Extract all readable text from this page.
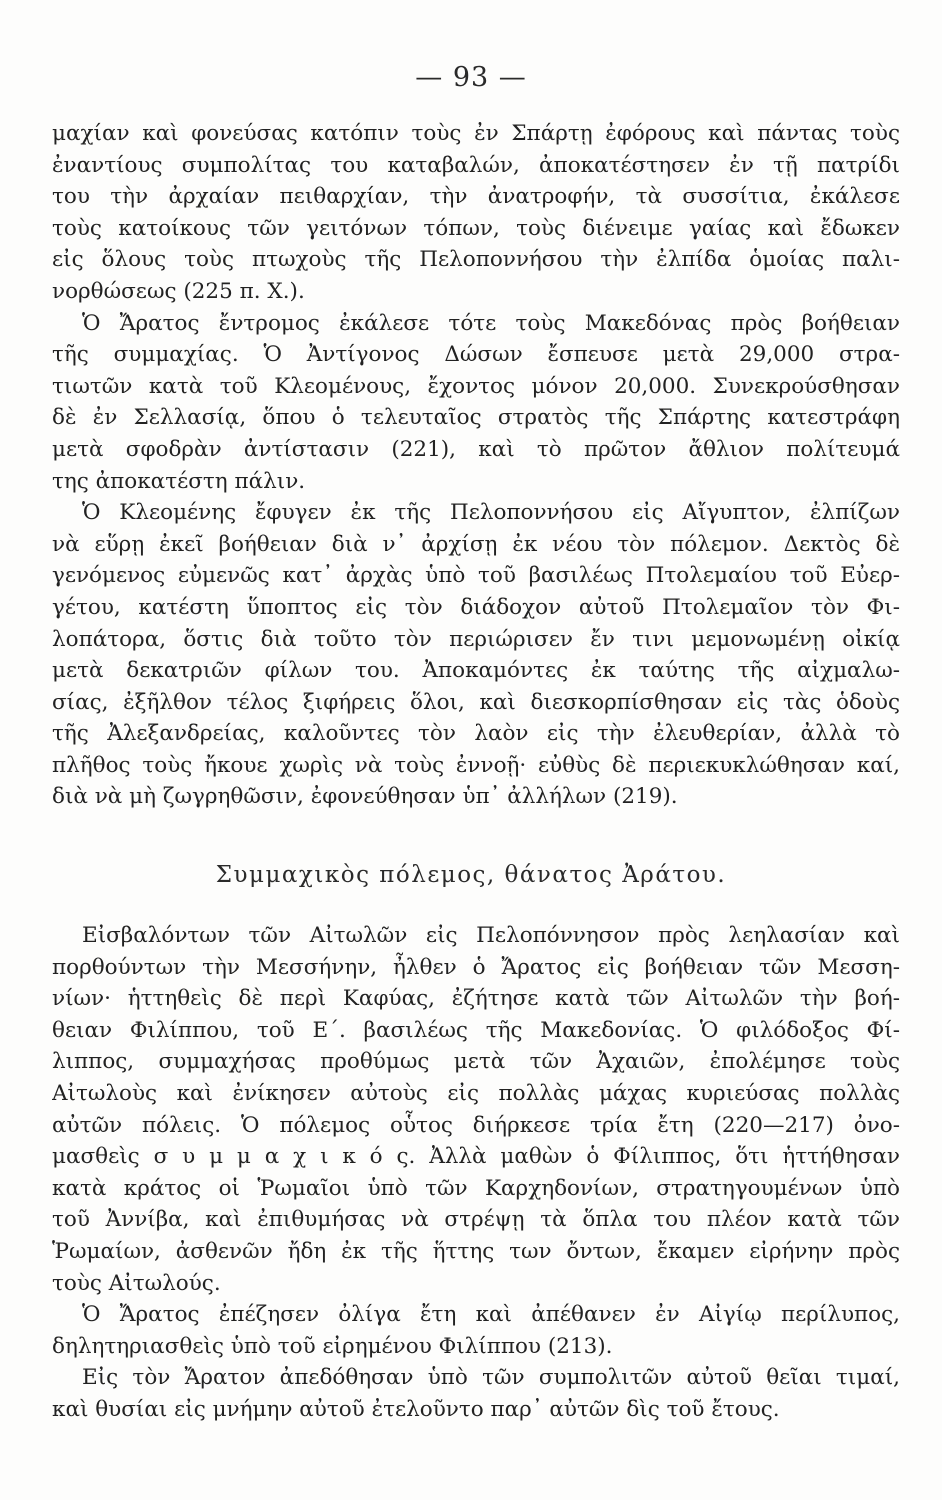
— 93 —
μαχίαν καὶ φονεύσας κατόπιν τοὺς ἐν Σπάρτῃ ἐφόρους καὶ πάντας τοὺς
ἐναντίους συμπολίτας του καταβαλών, ἀποκατέστησεν ἐν τῇ πατρίδι
του τὴν ἀρχαίαν πειθαρχίαν, τὴν ἀνατροφήν, τὰ συσσίτια, ἐκάλεσε
τοὺς κατοίκους τῶν γειτόνων τόπων, τοὺς διένειμε γαίας καὶ ἔδωκεν
εἰς ὅλους τοὺς πτωχοὺς τῆς Πελοποννήσου τὴν ἐλπίδα ὁμοίας παλι-
νορθώσεως (225 π. Χ.).
Ὁ Ἄρατος ἔντρομος ἐκάλεσε τότε τοὺς Μακεδόνας πρὸς βοήθειαν
τῆς συμμαχίας. Ὁ Ἀντίγονος Δώσων ἔσπευσε μετὰ 29,000 στρα-
τιωτῶν κατὰ τοῦ Κλεομένους, ἔχοντος μόνον 20,000. Συνεκρούσθησαν
δὲ ἐν Σελλασίᾳ, ὅπου ὁ τελευταῖος στρατὸς τῆς Σπάρτης κατεστράφη
μετὰ σφοδρὰν ἀντίστασιν (221), καὶ τὸ πρῶτον ἄθλιον πολίτευμά
της ἀποκατέστη πάλιν.
Ὁ Κλεομένης ἔφυγεν ἐκ τῆς Πελοποννήσου εἰς Αἴγυπτον, ἐλπίζων
νὰ εὕρῃ ἐκεῖ βοήθειαν διὰ ν᾿ ἀρχίσῃ ἐκ νέου τὸν πόλεμον. Δεκτὸς δὲ
γενόμενος εὐμενῶς κατ᾿ ἀρχὰς ὑπὸ τοῦ βασιλέως Πτολεμαίου τοῦ Εὐερ-
γέτου, κατέστη ὕποπτος εἰς τὸν διάδοχον αὐτοῦ Πτολεμαῖον τὸν Φι-
λοπάτορα, ὅστις διὰ τοῦτο τὸν περιώρισεν ἔν τινι μεμονωμένῃ οἰκίᾳ
μετὰ δεκατριῶν φίλων του. Ἀποκαμόντες ἐκ ταύτης τῆς αἰχμαλω-
σίας, ἐξῆλθον τέλος ξιφήρεις ὅλοι, καὶ διεσκορπίσθησαν εἰς τὰς ὁδοὺς
τῆς Ἀλεξανδρείας, καλοῦντες τὸν λαὸν εἰς τὴν ἐλευθερίαν, ἀλλὰ τὸ
πλῆθος τοὺς ἤκουε χωρὶς νὰ τοὺς ἐννοῇ· εὐθὺς δὲ περιεκυκλώθησαν καί,
διὰ νὰ μὴ ζωγρηθῶσιν, ἐφονεύθησαν ὑπ᾿ ἀλλήλων (219).
Συμμαχικὸς πόλεμος, θάνατος Ἀράτου.
Εἰσβαλόντων τῶν Αἰτωλῶν εἰς Πελοπόννησον πρὸς λεηλασίαν καὶ
πορθούντων τὴν Μεσσήνην, ἦλθεν ὁ Ἄρατος εἰς βοήθειαν τῶν Μεσση-
νίων· ἡττηθεὶς δὲ περὶ Καφύας, ἐζήτησε κατὰ τῶν Αἰτωλῶν τὴν βοή-
θειαν Φιλίππου, τοῦ Ε΄. βασιλέως τῆς Μακεδονίας. Ὁ φιλόδοξος Φί-
λιππος, συμμαχήσας προθύμως μετὰ τῶν Ἀχαιῶν, ἐπολέμησε τοὺς
Αἰτωλοὺς καὶ ἐνίκησεν αὐτοὺς εἰς πολλὰς μάχας κυριεύσας πολλὰς
αὐτῶν πόλεις. Ὁ πόλεμος οὗτος διήρκεσε τρία ἔτη (220—217) ὀνο-
μασθεὶς σ υ μ μ α χ ι κ ό ς. Ἀλλὰ μαθὼν ὁ Φίλιππος, ὅτι ἡττήθησαν
κατὰ κράτος οἱ Ῥωμαῖοι ὑπὸ τῶν Καρχηδονίων, στρατηγουμένων ὑπὸ
τοῦ Ἀννίβα, καὶ ἐπιθυμήσας νὰ στρέψῃ τὰ ὅπλα του πλέον κατὰ τῶν
Ῥωμαίων, ἀσθενῶν ἤδη ἐκ τῆς ἥττης των ὄντων, ἔκαμεν εἰρήνην πρὸς
τοὺς Αἰτωλούς.
Ὁ Ἄρατος ἐπέζησεν ὀλίγα ἔτη καὶ ἀπέθανεν ἐν Αἰγίῳ περίλυπος,
δηλητηριασθεὶς ὑπὸ τοῦ εἰρημένου Φιλίππου (213).
Εἰς τὸν Ἄρατον ἀπεδόθησαν ὑπὸ τῶν συμπολιτῶν αὐτοῦ θεῖαι τιμαί,
καὶ θυσίαι εἰς μνήμην αὐτοῦ ἐτελοῦντο παρ᾿ αὐτῶν δὶς τοῦ ἔτους.
